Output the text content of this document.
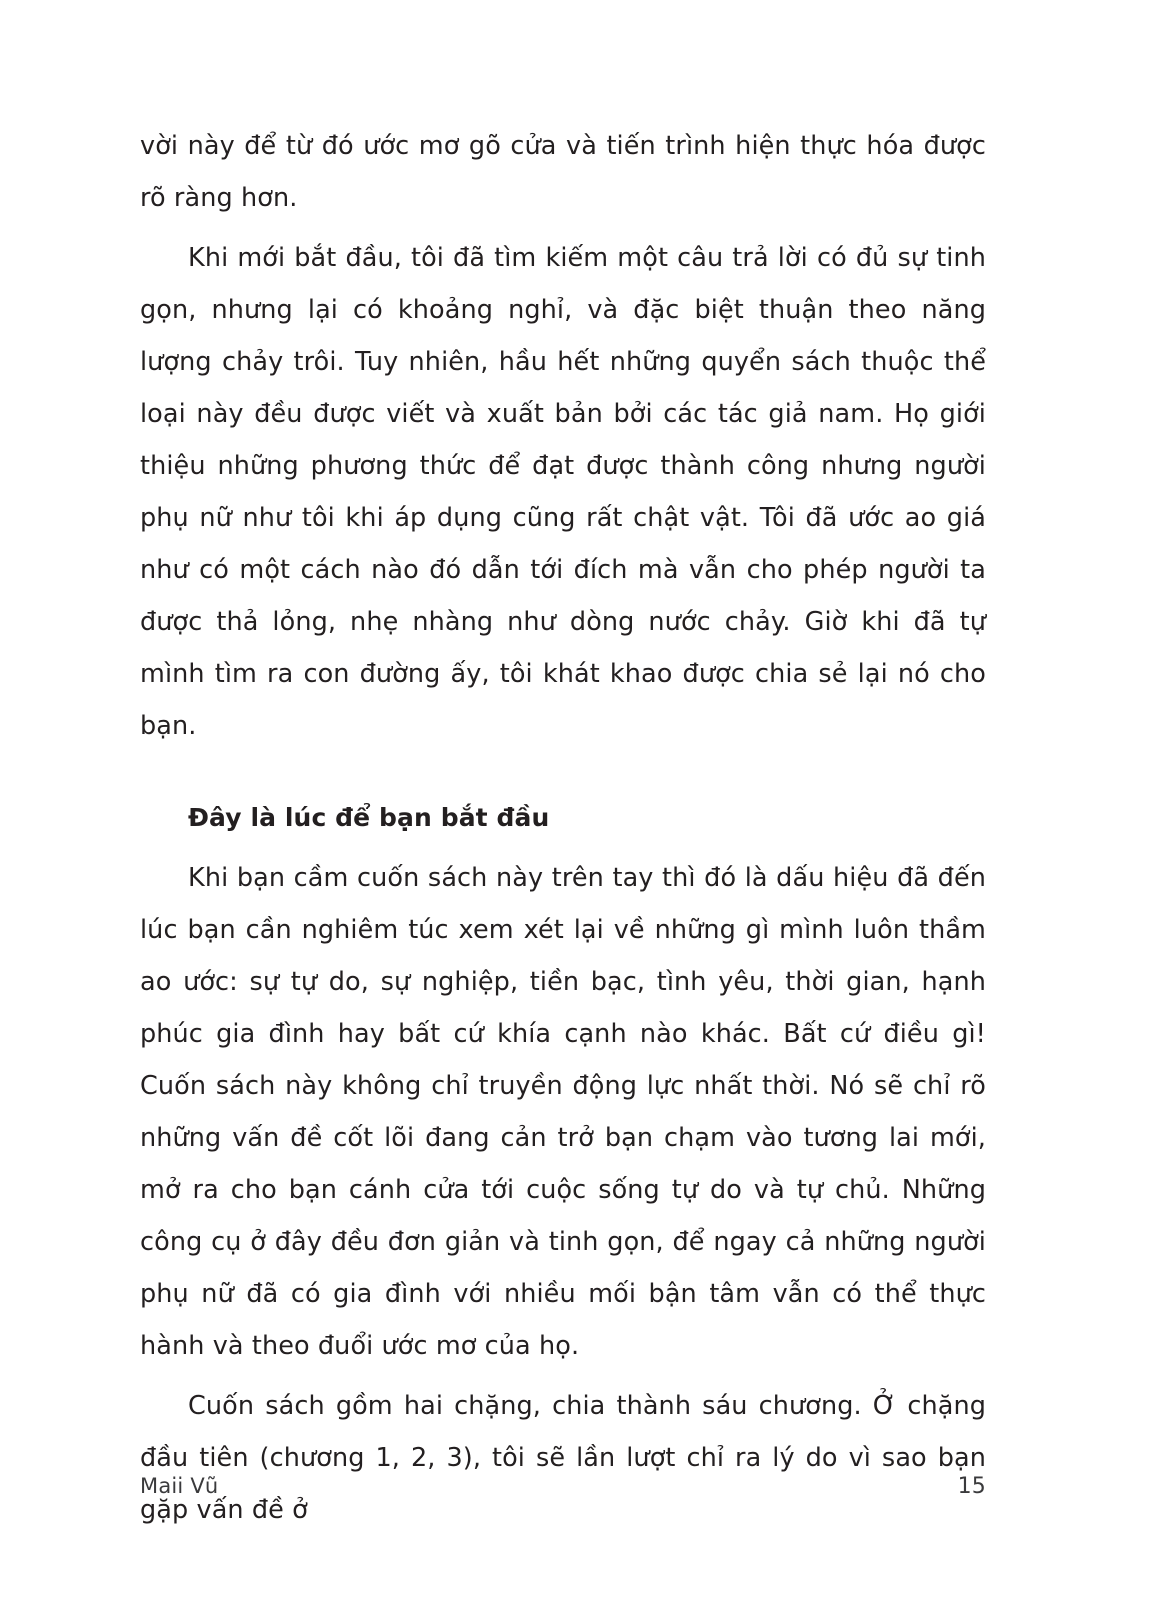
vời này để từ đó ước mơ gõ cửa và tiến trình hiện thực hóa được rõ ràng hơn.

Khi mới bắt đầu, tôi đã tìm kiếm một câu trả lời có đủ sự tinh gọn, nhưng lại có khoảng nghỉ, và đặc biệt thuận theo năng lượng chảy trôi. Tuy nhiên, hầu hết những quyển sách thuộc thể loại này đều được viết và xuất bản bởi các tác giả nam. Họ giới thiệu những phương thức để đạt được thành công nhưng người phụ nữ như tôi khi áp dụng cũng rất chật vật. Tôi đã ước ao giá như có một cách nào đó dẫn tới đích mà vẫn cho phép người ta được thả lỏng, nhẹ nhàng như dòng nước chảy. Giờ khi đã tự mình tìm ra con đường ấy, tôi khát khao được chia sẻ lại nó cho bạn.

Đây là lúc để bạn bắt đầu

Khi bạn cầm cuốn sách này trên tay thì đó là dấu hiệu đã đến lúc bạn cần nghiêm túc xem xét lại về những gì mình luôn thầm ao ước: sự tự do, sự nghiệp, tiền bạc, tình yêu, thời gian, hạnh phúc gia đình hay bất cứ khía cạnh nào khác. Bất cứ điều gì! Cuốn sách này không chỉ truyền động lực nhất thời. Nó sẽ chỉ rõ những vấn đề cốt lõi đang cản trở bạn chạm vào tương lai mới, mở ra cho bạn cánh cửa tới cuộc sống tự do và tự chủ. Những công cụ ở đây đều đơn giản và tinh gọn, để ngay cả những người phụ nữ đã có gia đình với nhiều mối bận tâm vẫn có thể thực hành và theo đuổi ước mơ của họ.

Cuốn sách gồm hai chặng, chia thành sáu chương. Ở chặng đầu tiên (chương 1, 2, 3), tôi sẽ lần lượt chỉ ra lý do vì sao bạn gặp vấn đề ở

Maii Vũ	15
